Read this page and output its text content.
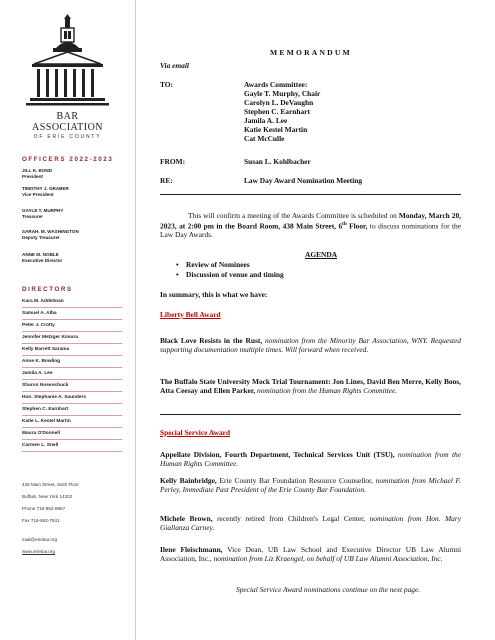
BAR ASSOCIATION
OF ERIE COUNTY
OFFICERS 2022-2023
JILL K. BOND
President
TIMOTHY J. GRABER
Vice President
GAYLE T. MURPHY
Treasurer
SARAH. M. WASHINGTON
Deputy Treasurer
ANNE M. NOBLE
Executive Director
DIRECTORS
Kara M. Addelman
Samuel A. Alba
Peter J. Crotty
Jennifer Metzger Kimura
Kelly Barrett Sarama
Anne K. Bowling
Jamila A. Lee
Sharon Nosenchuck
Hon. Stephanie A. Saunders
Stephen C. Earnhart
Katie L. Kestel Martin
Maura O'Donnell
Carmen L. Snell
438 Main Street, Sixth Floor
Buffalo, New York 14202
Phone 716-852-8687
Fax 716-852-7641
mail@eriebar.org
www.eriebar.org
MEMORANDUM
Via email
TO:	Awards Committee:
Gayle T. Murphy, Chair
Carolyn L. DeVaughn
Stephen C. Earnhart
Jamila A. Lee
Katie Kestel Martin
Cat McCulle
FROM:	Susan L. Kohlbacher
RE:	Law Day Award Nomination Meeting
This will confirm a meeting of the Awards Committee is scheduled on Monday, March 20, 2023, at 2:00 pm in the Board Room, 438 Main Street, 6th Floor, to discuss nominations for the Law Day Awards.
AGENDA
• Review of Nominees
• Discussion of venue and timing
In summary, this is what we have:
Liberty Bell Award
Black Love Resists in the Rust, nomination from the Minority Bar Association, WNY. Requested supporting documentation multiple times. Will forward when received.
The Buffalo State University Mock Trial Tournament: Jon Lines, David Ben Merre, Kelly Boos, Atta Ceesay and Ellen Parker, nomination from the Human Rights Committee.
Special Service Award
Appellate Division, Fourth Department, Technical Services Unit (TSU), nomination from the Human Rights Committee.
Kelly Bainbridge, Erie County Bar Foundation Resource Counsellor, nomination from Michael F. Perley, Immediate Past President of the Erie County Bar Foundation.
Michele Brown, recently retired from Children's Legal Center, nomination from Hon. Mary Giallanza Carney.
Ilene Fleischmann, Vice Dean, UB Law School and Executive Director UB Law Alumni Association, Inc., nomination from Liz Kraengel, on behalf of UB Law Alumni Association, Inc.
Special Service Award nominations continue on the next page.
